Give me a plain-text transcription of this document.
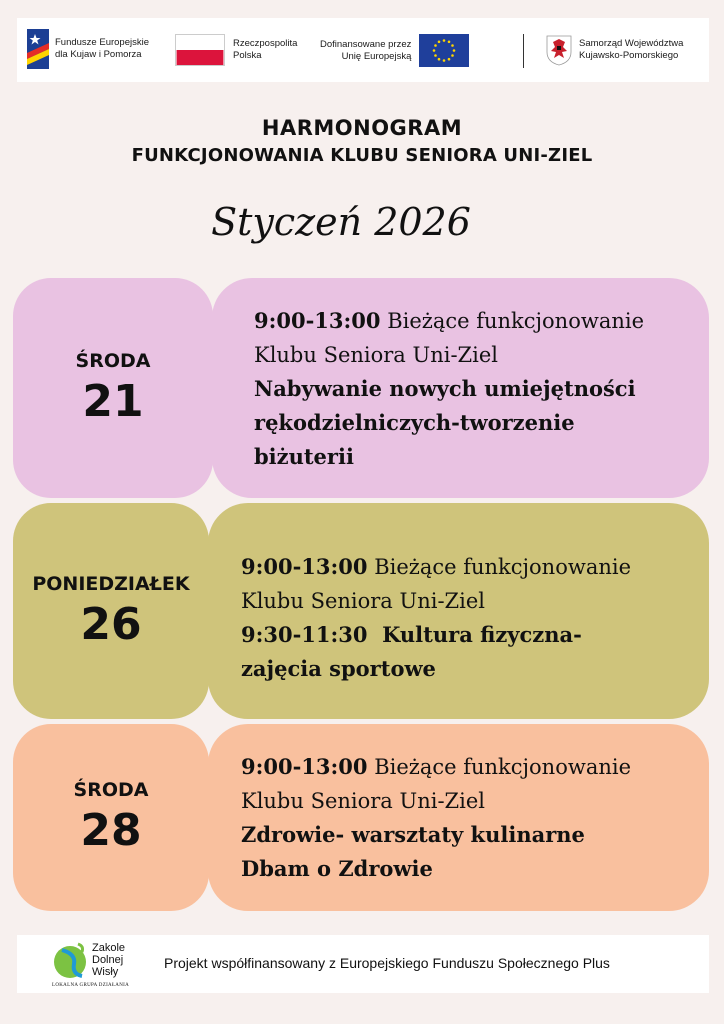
Fundusze Europejskie
dla Kujaw i Pomorza
Rzeczpospolita
Polska
Dofinansowane przez
Unię Europejską
Samorząd Województwa
Kujawsko-Pomorskiego
HARMONOGRAM
FUNKCJONOWANIA KLUBU SENIORA UNI-ZIEL
Styczeń 2026
ŚRODA
21
9:00-13:00 Bieżące funkcjonowanie
Klubu Seniora Uni-Ziel
Nabywanie nowych umiejętności
rękodzielniczych-tworzenie
biżuterii
PONIEDZIAŁEK
26
9:00-13:00 Bieżące funkcjonowanie
Klubu Seniora Uni-Ziel
9:30-11:30  Kultura fizyczna-
zajęcia sportowe
ŚRODA
28
9:00-13:00 Bieżące funkcjonowanie
Klubu Seniora Uni-Ziel
Zdrowie- warsztaty kulinarne
Dbam o Zdrowie
Zakole
Dolnej
Wisły
LOKALNA GRUPA DZIAŁANIA
Projekt współfinansowany z Europejskiego Funduszu Społecznego Plus
